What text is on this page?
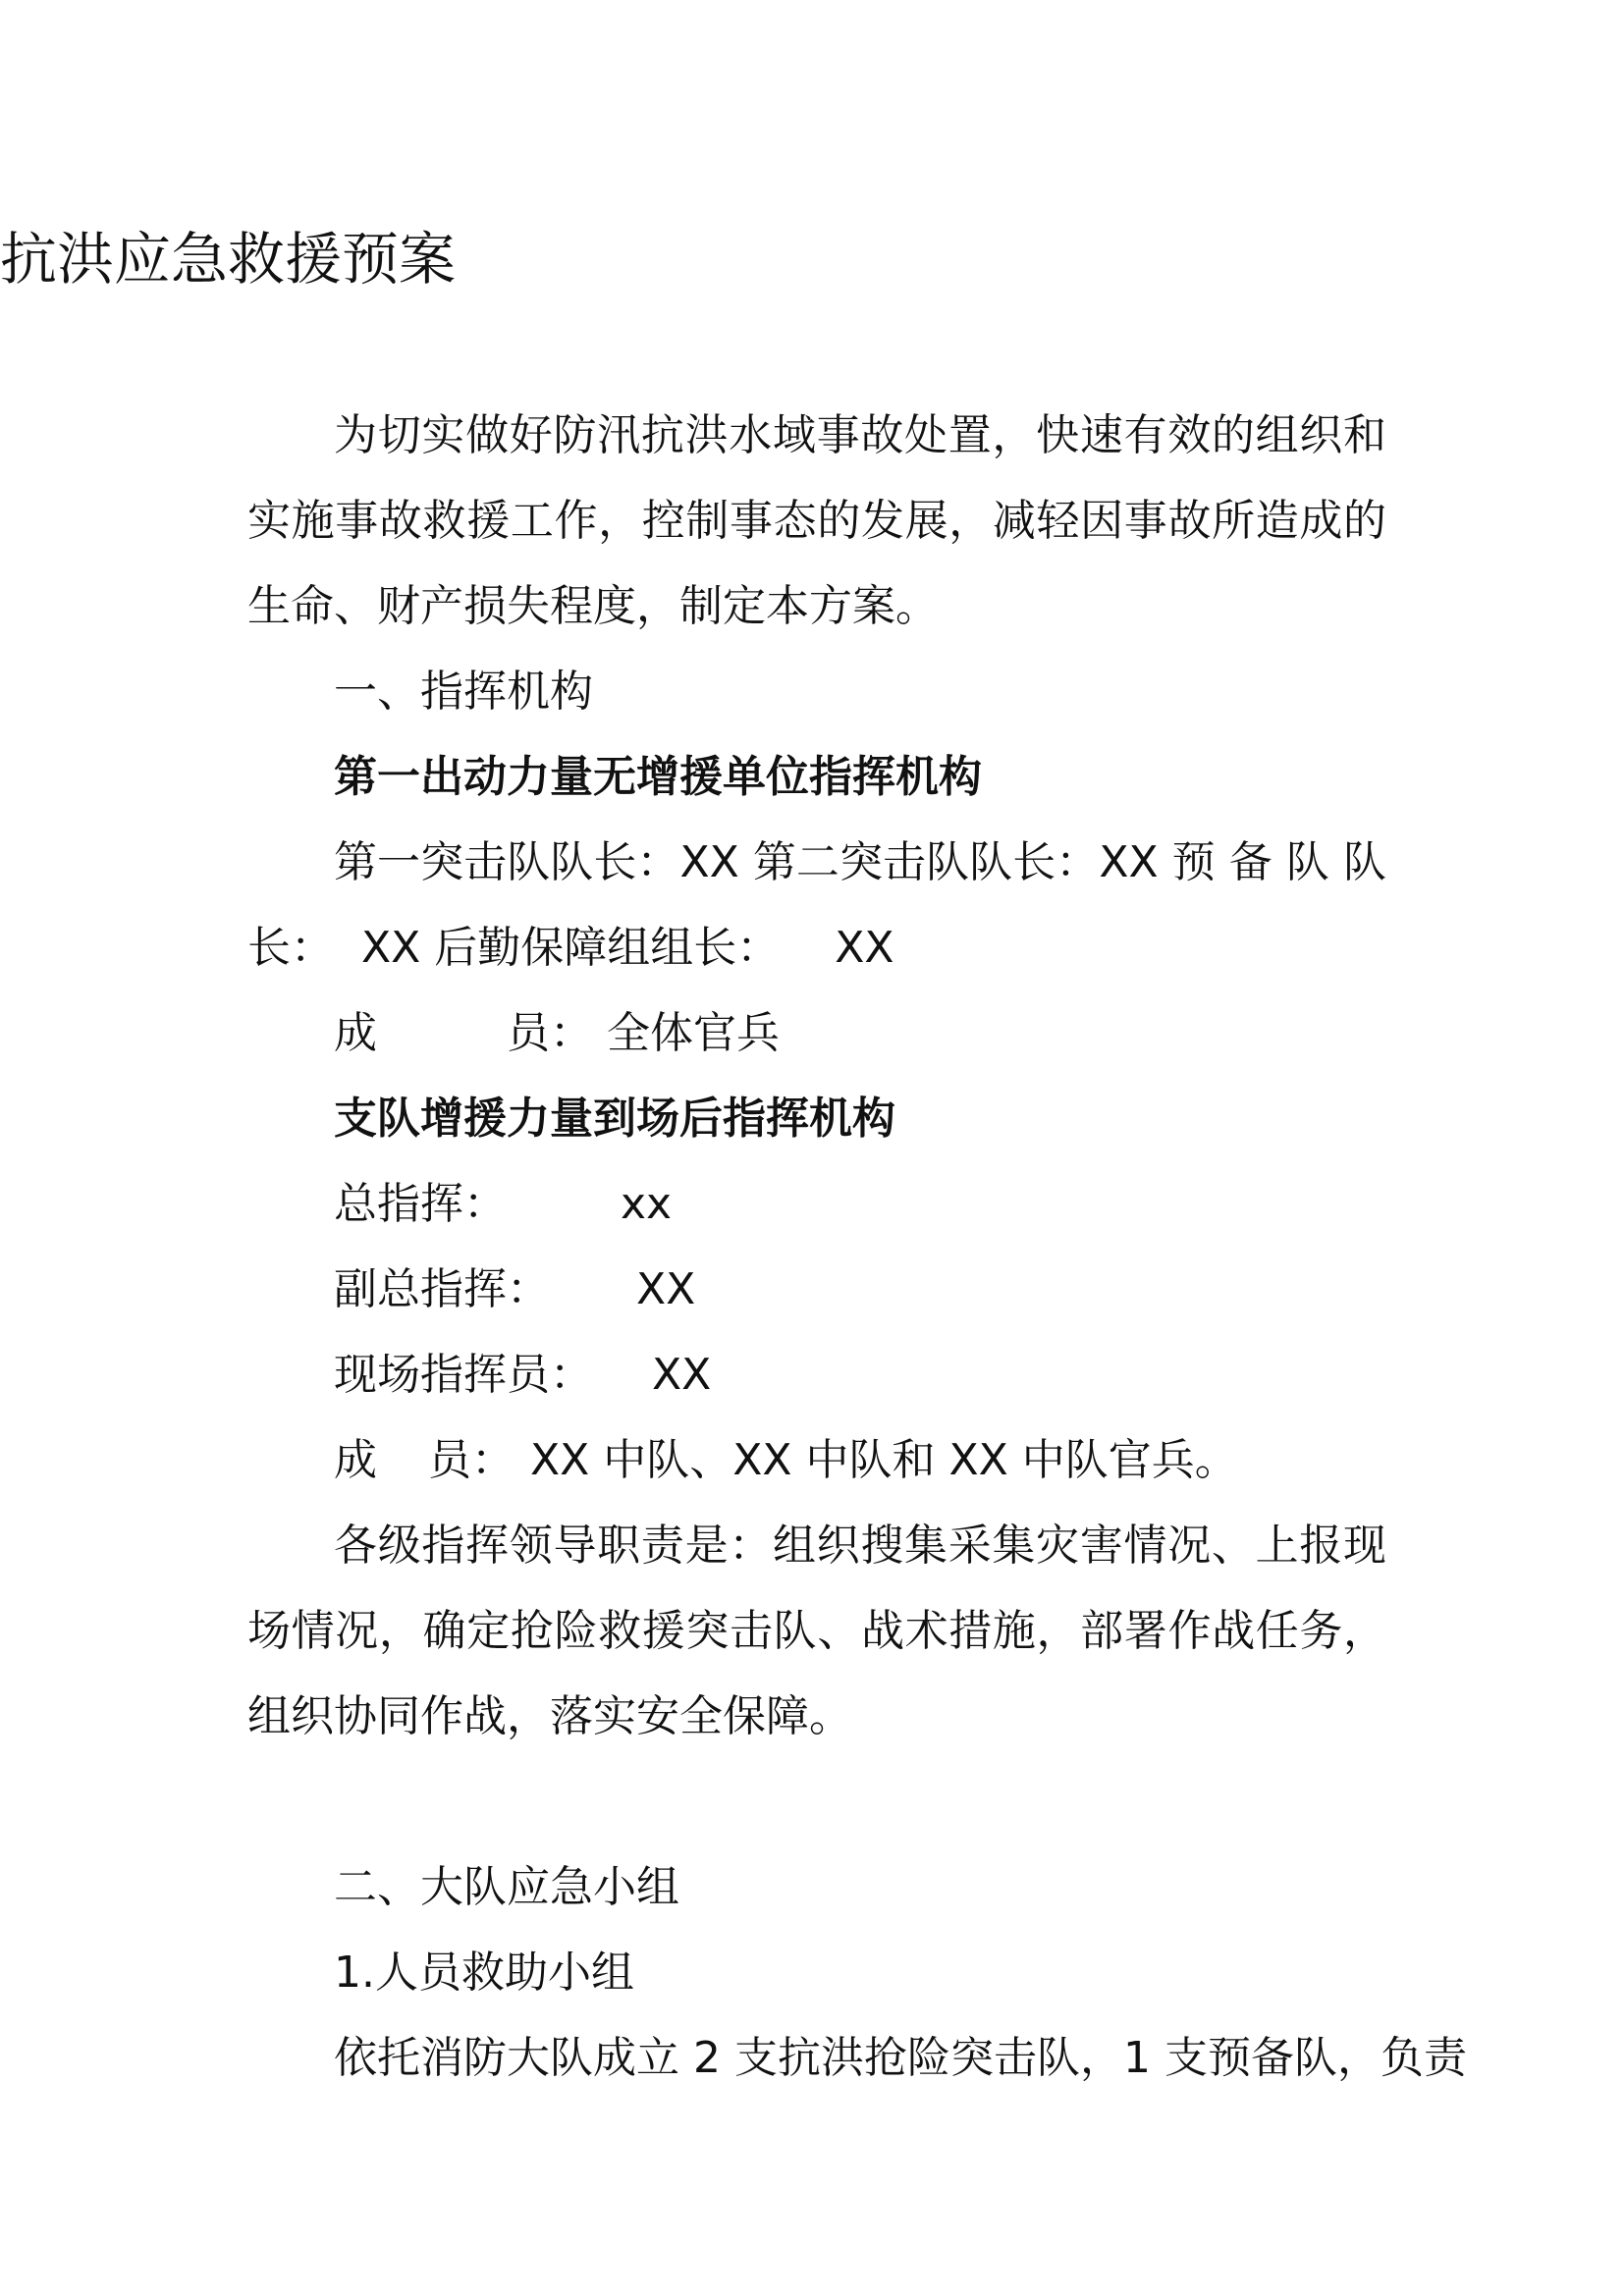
抗洪应急救援预案

为切实做好防汛抗洪水域事故处置，快速有效的组织和实施事故救援工作，控制事态的发展，减轻因事故所造成的生命、财产损失程度，制定本方案。

一、指挥机构

第一出动力量无增援单位指挥机构

第一突击队队长：XX 第二突击队队长：XX 预 备 队 队长：  XX 后勤保障组组长：    XX

成	员： 全体官兵

支队增援力量到场后指挥机构

总指挥：	xx

副总指挥： XX

现场指挥员： XX

成 员： XX 中队、XX 中队和 XX 中队官兵。

各级指挥领导职责是：组织搜集采集灾害情况、上报现场情况，确定抢险救援突击队、战术措施，部署作战任务，组织协同作战，落实安全保障。

二、大队应急小组

1.人员救助小组

依托消防大队成立 2 支抗洪抢险突击队，1 支预备队，负责
